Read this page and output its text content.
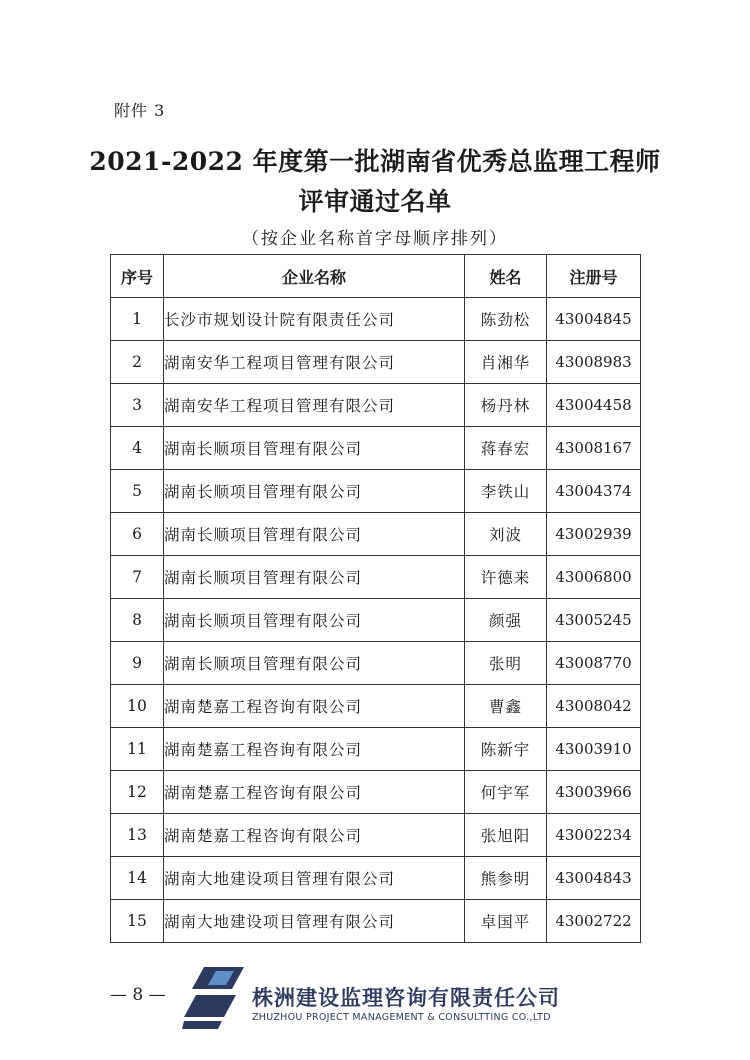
附件 3
2021-2022 年度第一批湖南省优秀总监理工程师
评审通过名单
（按企业名称首字母顺序排列）
序号	企业名称	姓名	注册号
1	长沙市规划设计院有限责任公司	陈劲松	43004845
2	湖南安华工程项目管理有限公司	肖湘华	43008983
3	湖南安华工程项目管理有限公司	杨丹林	43004458
4	湖南长顺项目管理有限公司	蒋春宏	43008167
5	湖南长顺项目管理有限公司	李铁山	43004374
6	湖南长顺项目管理有限公司	刘波	43002939
7	湖南长顺项目管理有限公司	许德来	43006800
8	湖南长顺项目管理有限公司	颜强	43005245
9	湖南长顺项目管理有限公司	张明	43008770
10	湖南楚嘉工程咨询有限公司	曹鑫	43008042
11	湖南楚嘉工程咨询有限公司	陈新宇	43003910
12	湖南楚嘉工程咨询有限公司	何宇军	43003966
13	湖南楚嘉工程咨询有限公司	张旭阳	43002234
14	湖南大地建设项目管理有限公司	熊参明	43004843
15	湖南大地建设项目管理有限公司	卓国平	43002722
— 8 —	株洲建设监理咨询有限责任公司
ZHUZHOU PROJECT MANAGEMENT & CONSULTTING CO.,LTD
